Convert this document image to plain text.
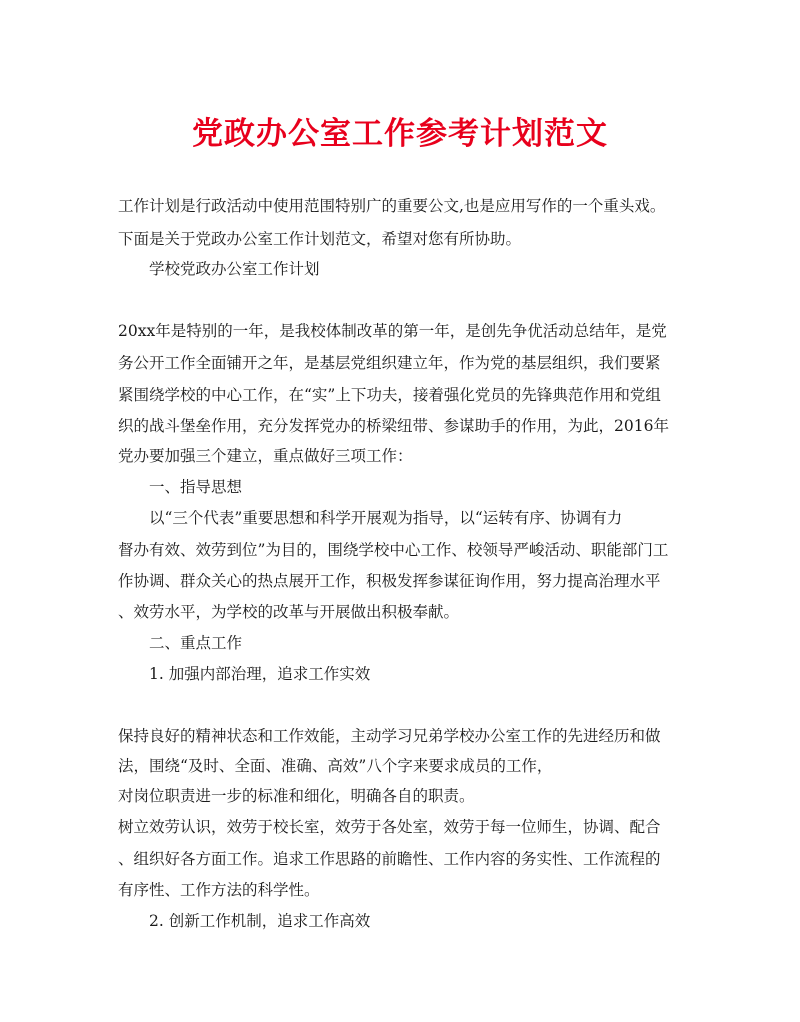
党政办公室工作参考计划范文
工作计划是行政活动中使用范围特别广的重要公文,也是应用写作的一个重头戏。
下面是关于党政办公室工作计划范文，希望对您有所协助。
学校党政办公室工作计划
20xx年是特别的一年，是我校体制改革的第一年，是创先争优活动总结年，是党
务公开工作全面铺开之年，是基层党组织建立年，作为党的基层组织，我们要紧
紧围绕学校的中心工作，在“实”上下功夫，接着强化党员的先锋典范作用和党组
织的战斗堡垒作用，充分发挥党办的桥梁纽带、参谋助手的作用，为此，2016年
党办要加强三个建立，重点做好三项工作：
一、指导思想
以“三个代表”重要思想和科学开展观为指导，以“运转有序、协调有力
督办有效、效劳到位”为目的，围绕学校中心工作、校领导严峻活动、职能部门工
作协调、群众关心的热点展开工作，积极发挥参谋征询作用，努力提高治理水平
、效劳水平，为学校的改革与开展做出积极奉献。
二、重点工作
1. 加强内部治理，追求工作实效
保持良好的精神状态和工作效能，主动学习兄弟学校办公室工作的先进经历和做
法，围绕“及时、全面、准确、高效”八个字来要求成员的工作，
对岗位职责进一步的标准和细化，明确各自的职责。
树立效劳认识，效劳于校长室，效劳于各处室，效劳于每一位师生，协调、配合
、组织好各方面工作。追求工作思路的前瞻性、工作内容的务实性、工作流程的
有序性、工作方法的科学性。
2. 创新工作机制，追求工作高效
